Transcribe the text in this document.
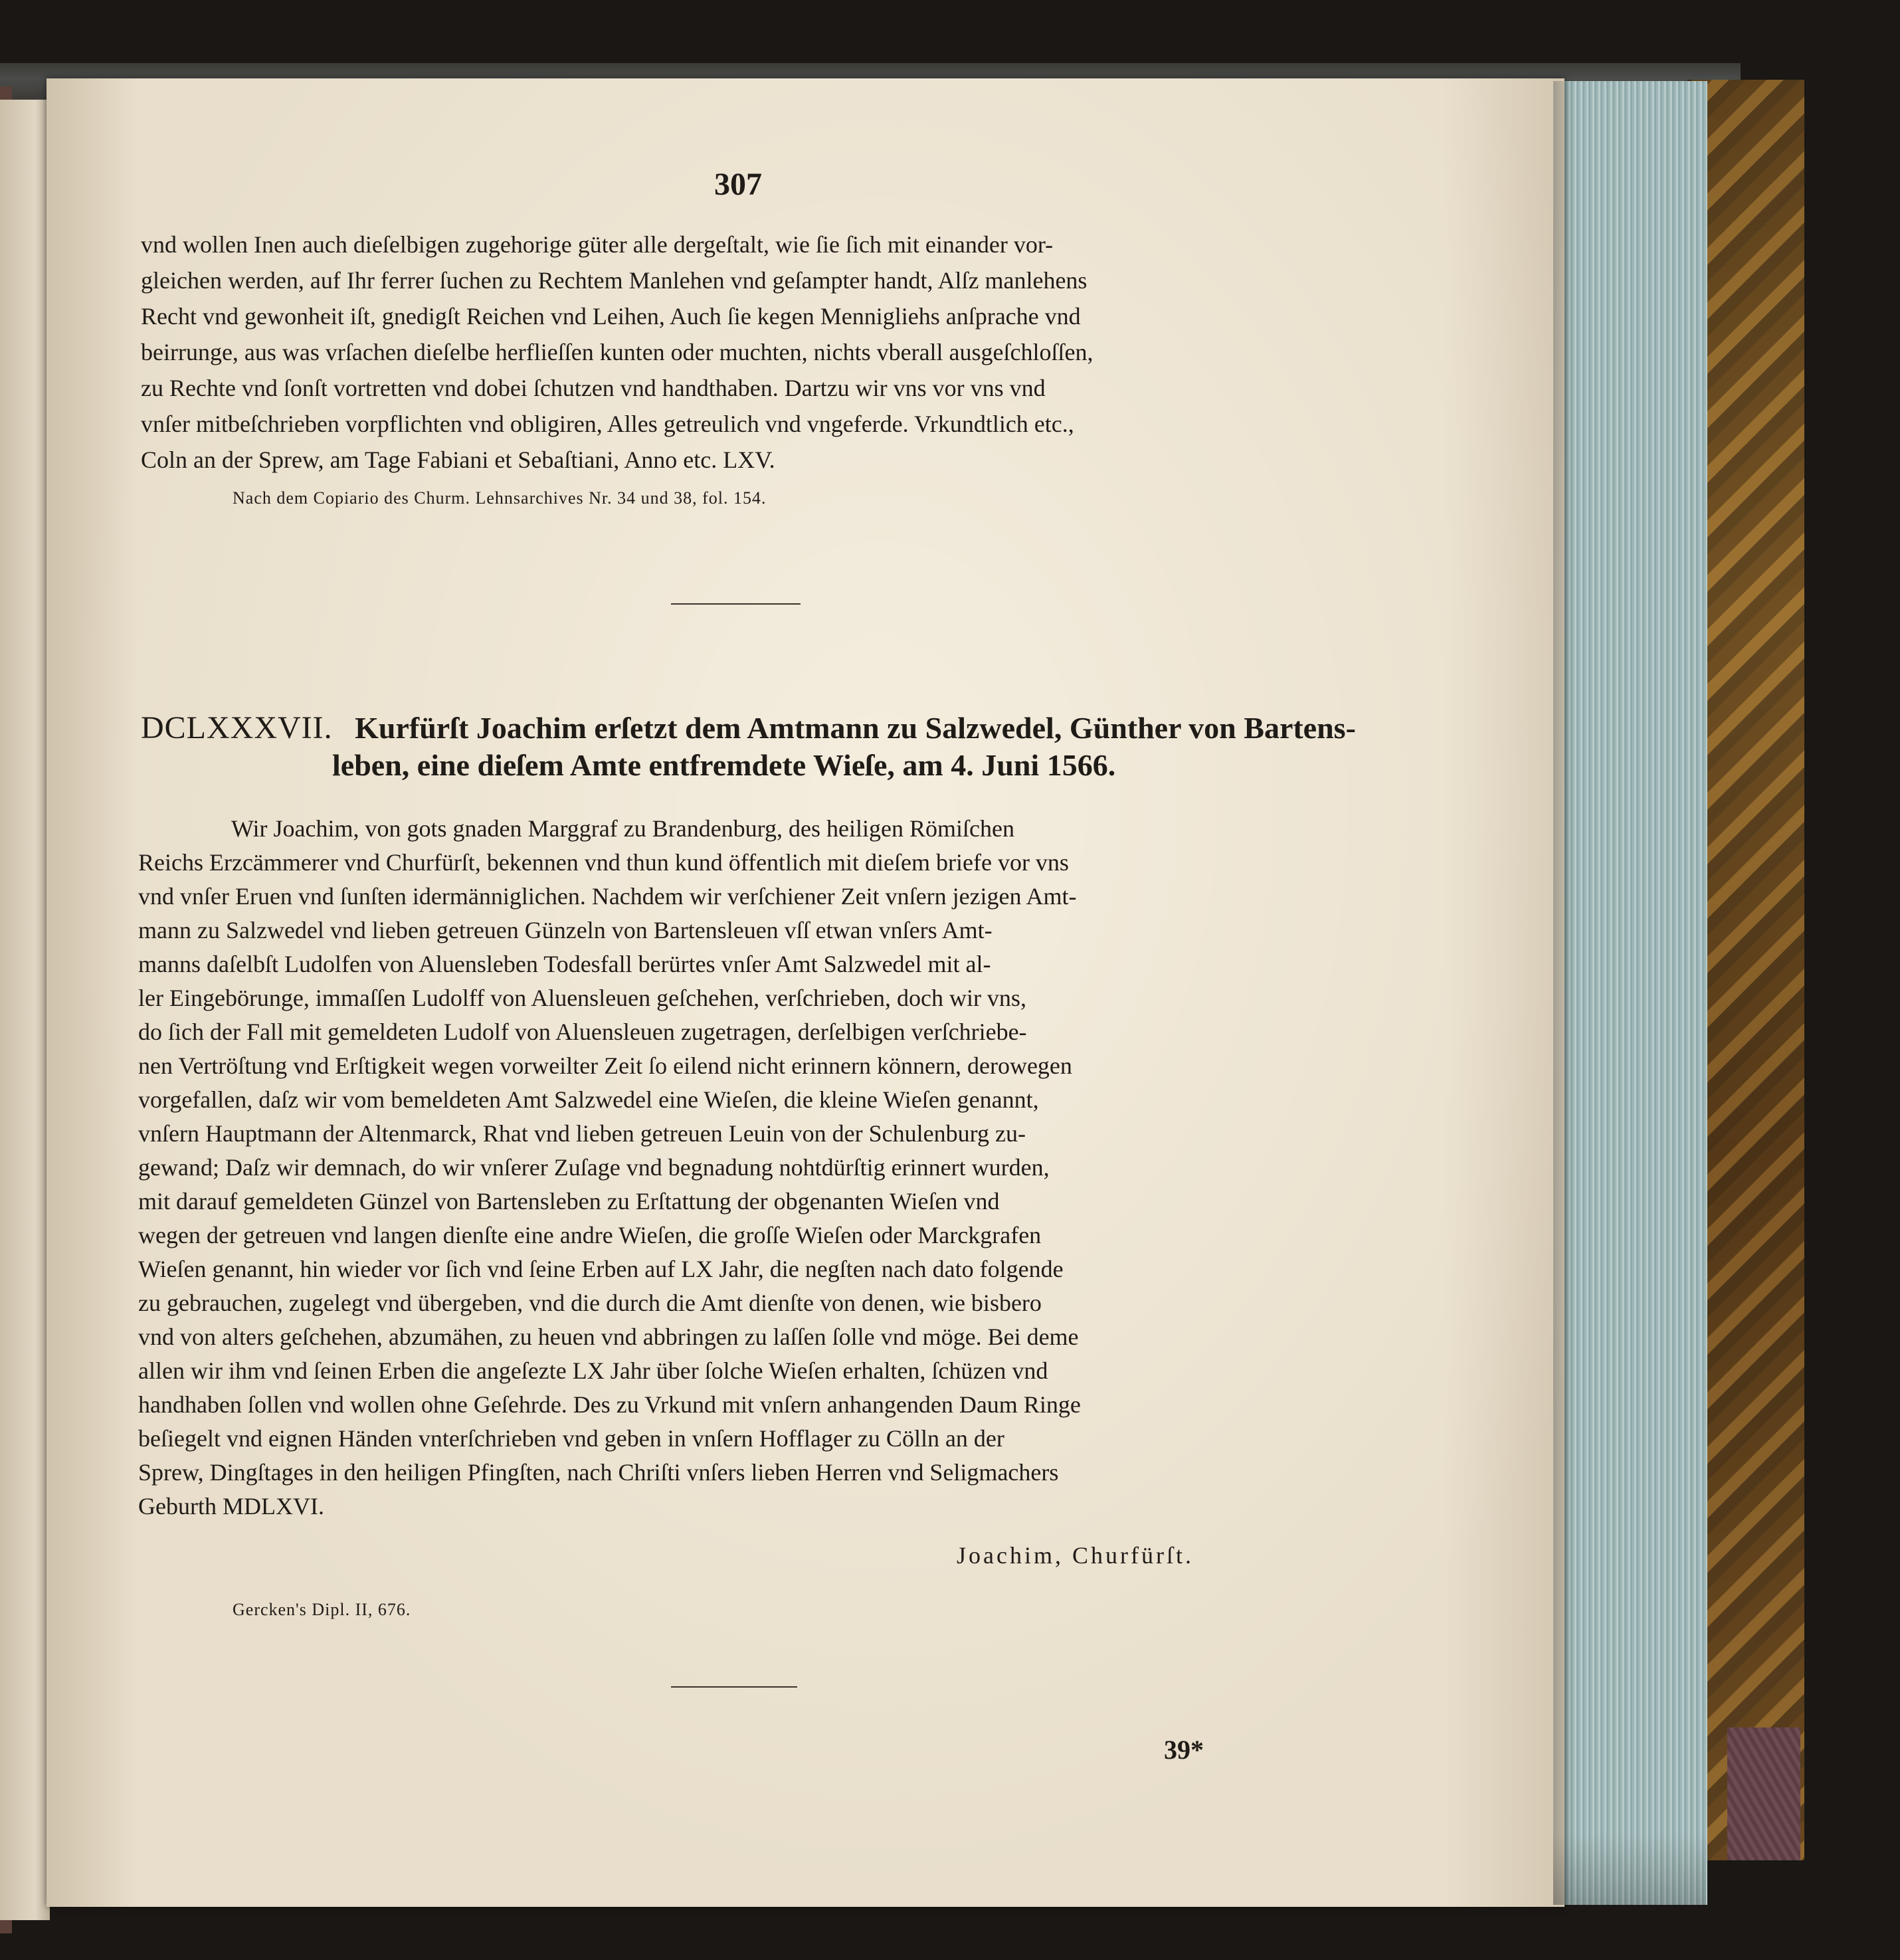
307
vnd wollen Inen auch dieſelbigen zugehorige güter alle dergeſtalt, wie ſie ſich mit einander vor-
gleichen werden, auf Ihr ferrer ſuchen zu Rechtem Manlehen vnd geſampter handt, Alſz manlehens
Recht vnd gewonheit iſt, gnedigſt Reichen vnd Leihen, Auch ſie kegen Mennigliehs anſprache vnd
beirrunge, aus was vrſachen dieſelbe herflieſſen kunten oder muchten, nichts vberall ausgeſchloſſen,
zu Rechte vnd ſonſt vortretten vnd dobei ſchutzen vnd handthaben. Dartzu wir vns vor vns vnd
vnſer mitbeſchrieben vorpflichten vnd obligiren, Alles getreulich vnd vngeferde. Vrkundtlich etc.,
Coln an der Sprew, am Tage Fabiani et Sebaſtiani, Anno etc. LXV.
Nach dem Copiario des Churm. Lehnsarchives Nr. 34 und 38, fol. 154.
DCLXXXVII. Kurfürſt Joachim erſetzt dem Amtmann zu Salzwedel, Günther von Bartens-
leben, eine dieſem Amte entfremdete Wieſe, am 4. Juni 1566.
Wir Joachim, von gots gnaden Marggraf zu Brandenburg, des heiligen Römiſchen
Reichs Erzcämmerer vnd Churfürſt, bekennen vnd thun kund öffentlich mit dieſem briefe vor vns
vnd vnſer Eruen vnd ſunſten idermänniglichen. Nachdem wir verſchiener Zeit vnſern jezigen Amt-
mann zu Salzwedel vnd lieben getreuen Günzeln von Bartensleuen vſſ etwan vnſers Amt-
manns daſelbſt Ludolfen von Aluensleben Todesfall berürtes vnſer Amt Salzwedel mit al-
ler Eingebörunge, immaſſen Ludolff von Aluensleuen geſchehen, verſchrieben, doch wir vns,
do ſich der Fall mit gemeldeten Ludolf von Aluensleuen zugetragen, derſelbigen verſchriebe-
nen Vertröſtung vnd Erſtigkeit wegen vorweilter Zeit ſo eilend nicht erinnern könnern, derowegen
vorgefallen, daſz wir vom bemeldeten Amt Salzwedel eine Wieſen, die kleine Wieſen genannt,
vnſern Hauptmann der Altenmarck, Rhat vnd lieben getreuen Leuin von der Schulenburg zu-
gewand; Daſz wir demnach, do wir vnſerer Zuſage vnd begnadung nohtdürſtig erinnert wurden,
mit darauf gemeldeten Günzel von Bartensleben zu Erſtattung der obgenanten Wieſen vnd
wegen der getreuen vnd langen dienſte eine andre Wieſen, die groſſe Wieſen oder Marckgrafen
Wieſen genannt, hin wieder vor ſich vnd ſeine Erben auf LX Jahr, die negſten nach dato folgende
zu gebrauchen, zugelegt vnd übergeben, vnd die durch die Amt dienſte von denen, wie bisbero
vnd von alters geſchehen, abzumähen, zu heuen vnd abbringen zu laſſen ſolle vnd möge. Bei deme
allen wir ihm vnd ſeinen Erben die angeſezte LX Jahr über ſolche Wieſen erhalten, ſchüzen vnd
handhaben ſollen vnd wollen ohne Geſehrde. Des zu Vrkund mit vnſern anhangenden Daum Ringe
beſiegelt vnd eignen Händen vnterſchrieben vnd geben in vnſern Hofflager zu Cölln an der
Sprew, Dingſtages in den heiligen Pfingſten, nach Chriſti vnſers lieben Herren vnd Seligmachers
Geburth MDLXVI.
Joachim, Churfürſt.
Gercken's Dipl. II, 676.
39*
